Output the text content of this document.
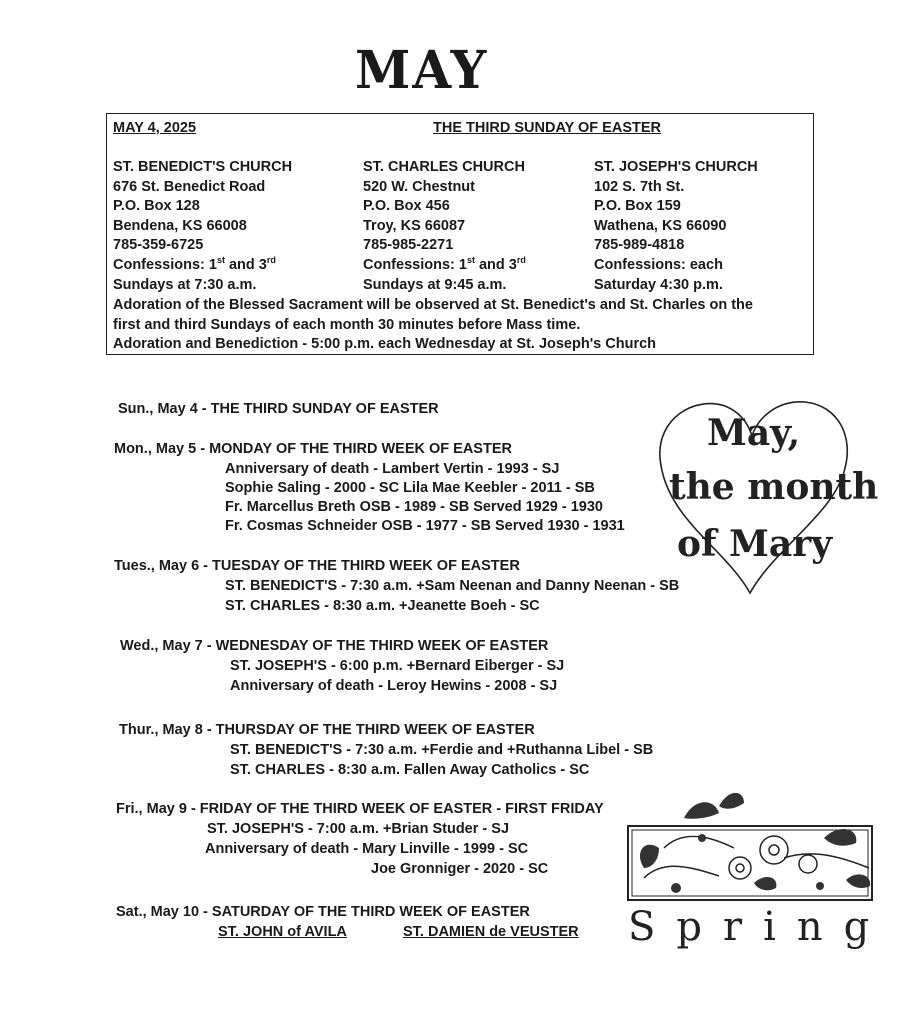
MAY
MAY 4, 2025	THE THIRD SUNDAY OF EASTER
ST. BENEDICT'S CHURCH
676 St. Benedict Road
P.O. Box 128
Bendena, KS 66008
785-359-6725
Confessions: 1st and 3rd
Sundays at 7:30 a.m.
ST. CHARLES CHURCH
520 W. Chestnut
P.O. Box 456
Troy, KS 66087
785-985-2271
Confessions: 1st and 3rd
Sundays at 9:45 a.m.
ST. JOSEPH'S CHURCH
102 S. 7th St.
P.O. Box 159
Wathena, KS 66090
785-989-4818
Confessions: each
Saturday 4:30 p.m.
Adoration of the Blessed Sacrament will be observed at St. Benedict's and St. Charles on the
first and third Sundays of each month 30 minutes before Mass time.
Adoration and Benediction - 5:00 p.m. each Wednesday at St. Joseph's Church
Sun., May 4 - THE THIRD SUNDAY OF EASTER
Mon., May 5 - MONDAY OF THE THIRD WEEK OF EASTER
Anniversary of death - Lambert Vertin - 1993 - SJ
Sophie Saling - 2000 - SC Lila Mae Keebler - 2011 - SB
Fr. Marcellus Breth OSB - 1989 - SB Served 1929 - 1930
Fr. Cosmas Schneider OSB - 1977 - SB Served 1930 - 1931
Tues., May 6 - TUESDAY OF THE THIRD WEEK OF EASTER
ST. BENEDICT'S - 7:30 a.m. +Sam Neenan and Danny Neenan - SB
ST. CHARLES - 8:30 a.m. +Jeanette Boeh - SC
Wed., May 7 - WEDNESDAY OF THE THIRD WEEK OF EASTER
ST. JOSEPH'S - 6:00 p.m. +Bernard Eiberger - SJ
Anniversary of death - Leroy Hewins - 2008 - SJ
Thur., May 8 - THURSDAY OF THE THIRD WEEK OF EASTER
ST. BENEDICT'S - 7:30 a.m. +Ferdie and +Ruthanna Libel - SB
ST. CHARLES - 8:30 a.m. Fallen Away Catholics - SC
Fri., May 9 - FRIDAY OF THE THIRD WEEK OF EASTER - FIRST FRIDAY
ST. JOSEPH'S - 7:00 a.m. +Brian Studer - SJ
Anniversary of death - Mary Linville - 1999 - SC
Joe Gronniger - 2020 - SC
Sat., May 10 - SATURDAY OF THE THIRD WEEK OF EASTER
ST. JOHN of AVILA	ST. DAMIEN de VEUSTER
May,
the month
of Mary
Spring
